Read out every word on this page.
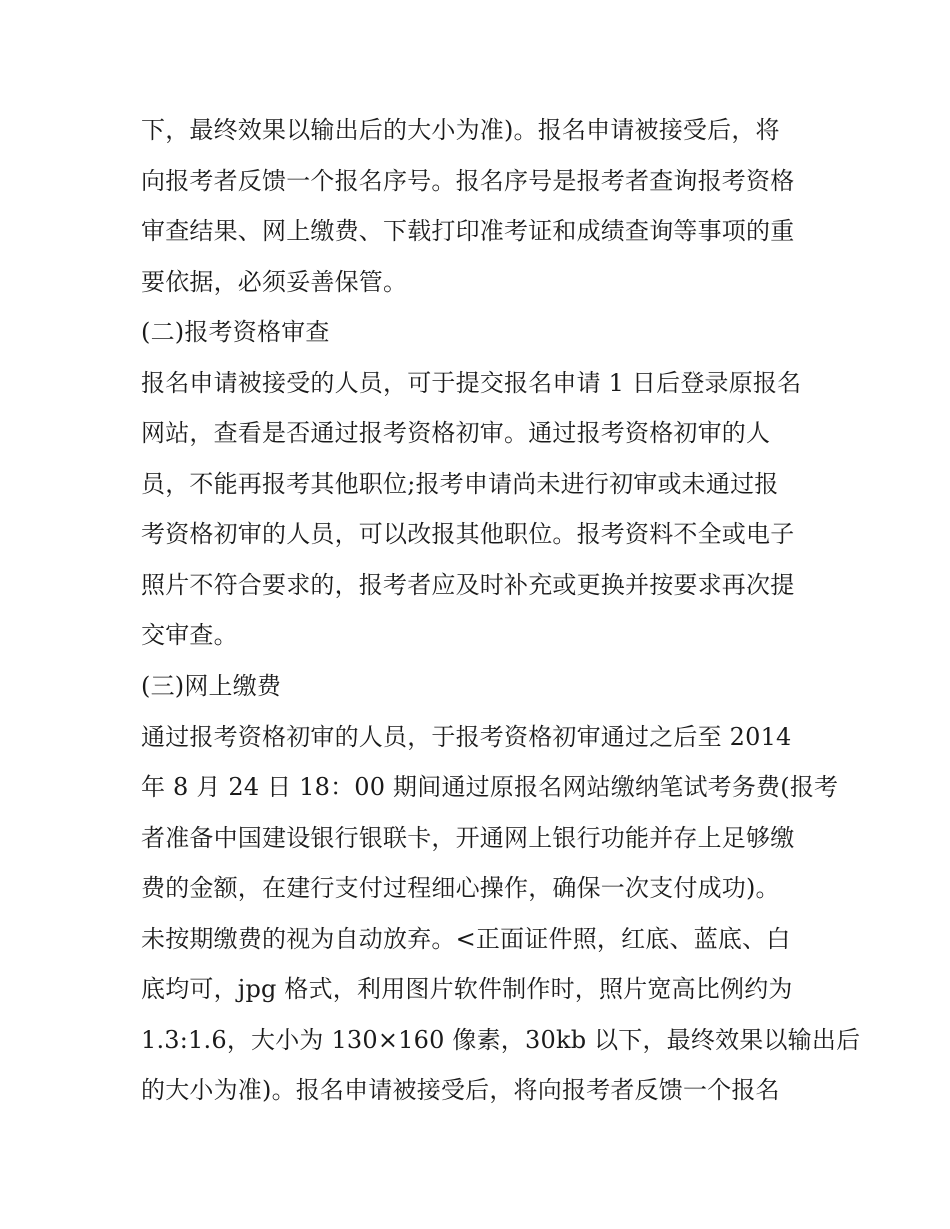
下，最终效果以输出后的大小为准)。报名申请被接受后，将
向报考者反馈一个报名序号。报名序号是报考者查询报考资格
审查结果、网上缴费、下载打印准考证和成绩查询等事项的重
要依据，必须妥善保管。
(二)报考资格审查
报名申请被接受的人员，可于提交报名申请 1 日后登录原报名
网站，查看是否通过报考资格初审。通过报考资格初审的人
员，不能再报考其他职位;报考申请尚未进行初审或未通过报
考资格初审的人员，可以改报其他职位。报考资料不全或电子
照片不符合要求的，报考者应及时补充或更换并按要求再次提
交审查。
(三)网上缴费
通过报考资格初审的人员，于报考资格初审通过之后至 2014
年 8 月 24 日 18：00 期间通过原报名网站缴纳笔试考务费(报考
者准备中国建设银行银联卡，开通网上银行功能并存上足够缴
费的金额，在建行支付过程细心操作，确保一次支付成功)。
未按期缴费的视为自动放弃。<正面证件照，红底、蓝底、白
底均可，jpg 格式，利用图片软件制作时，照片宽高比例约为
1.3:1.6，大小为 130×160 像素，30kb 以下，最终效果以输出后
的大小为准)。报名申请被接受后，将向报考者反馈一个报名
